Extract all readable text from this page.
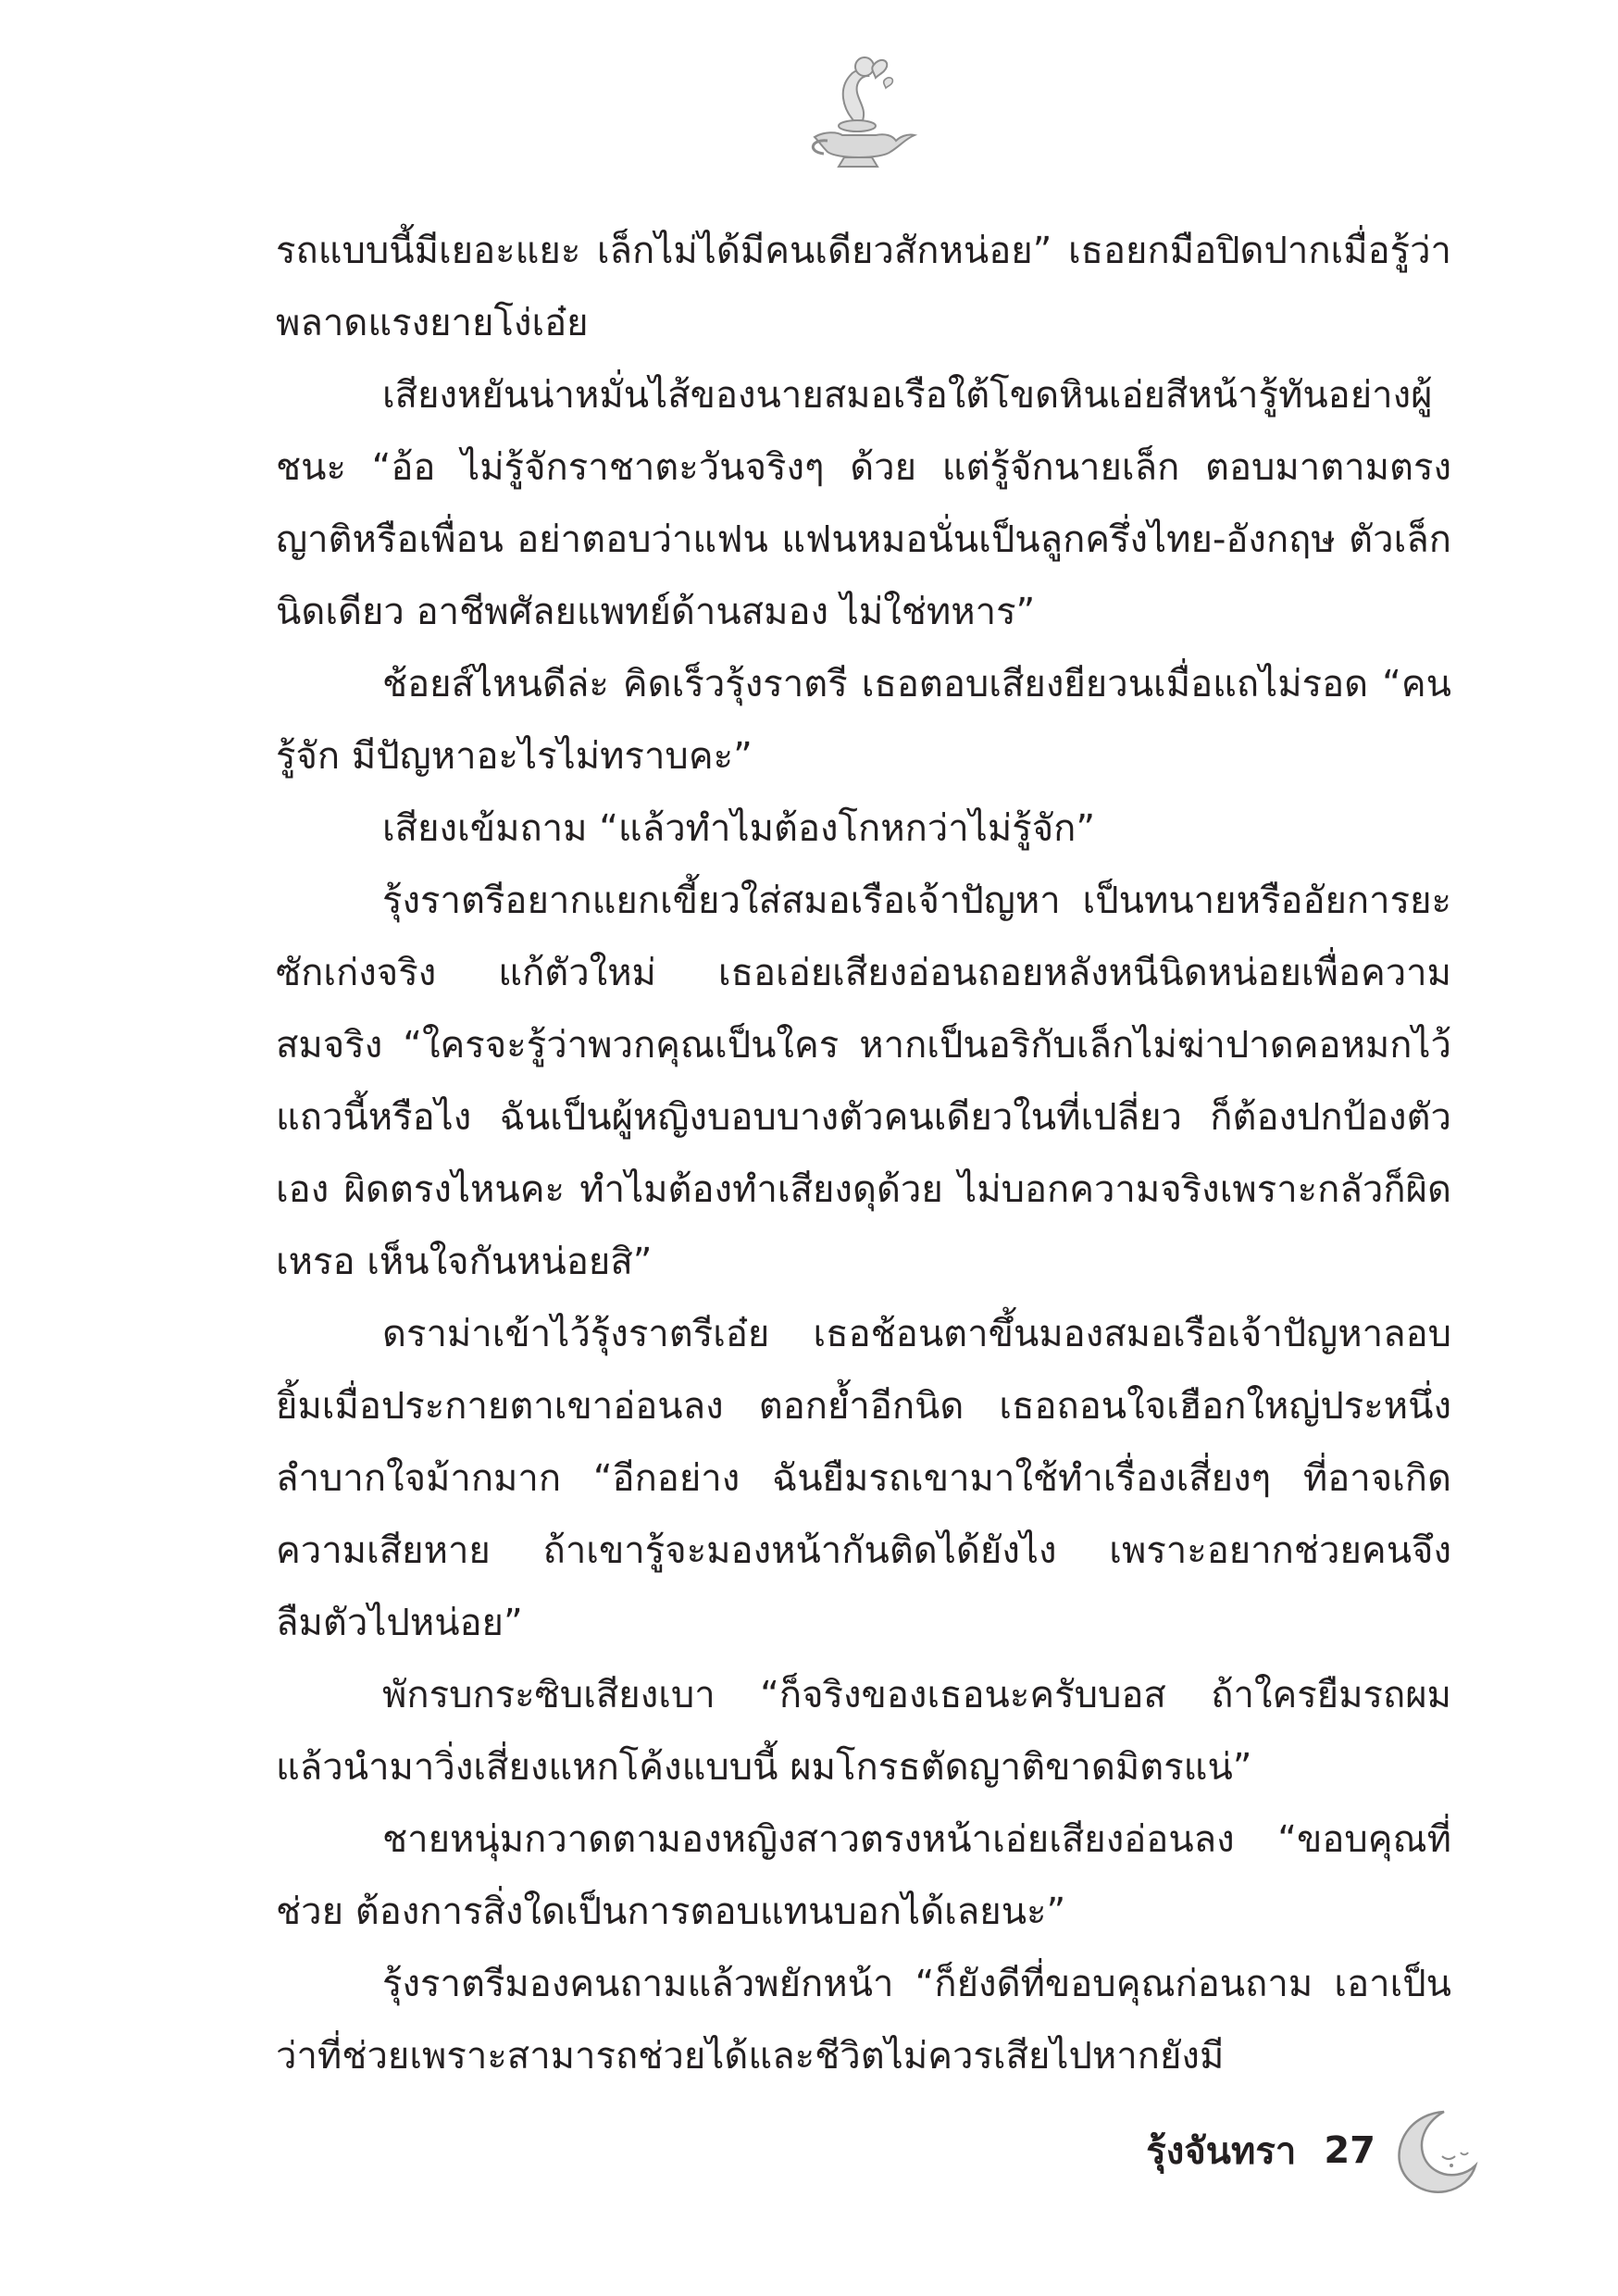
รถแบบนี้มีเยอะแยะ เล็กไม่ได้มีคนเดียวสักหน่อย” เธอยกมือปิดปากเมื่อรู้ว่าพลาดแรงยายโง่เอ๋ย

เสียงหยันน่าหมั่นไส้ของนายสมอเรือใต้โขดหินเอ่ยสีหน้ารู้ทันอย่างผู้ชนะ “อ้อ ไม่รู้จักราชาตะวันจริงๆ ด้วย แต่รู้จักนายเล็ก ตอบมาตามตรง ญาติหรือเพื่อน อย่าตอบว่าแฟน แฟนหมอนั่นเป็นลูกครึ่งไทย-อังกฤษ ตัวเล็กนิดเดียว อาชีพศัลยแพทย์ด้านสมอง ไม่ใช่ทหาร”

ช้อยส์ไหนดีล่ะ คิดเร็วรุ้งราตรี เธอตอบเสียงยียวนเมื่อแถไม่รอด “คนรู้จัก มีปัญหาอะไรไม่ทราบคะ”

เสียงเข้มถาม “แล้วทำไมต้องโกหกว่าไม่รู้จัก”

รุ้งราตรีอยากแยกเขี้ยวใส่สมอเรือเจ้าปัญหา เป็นทนายหรืออัยการยะซักเก่งจริง แก้ตัวใหม่ เธอเอ่ยเสียงอ่อนถอยหลังหนีนิดหน่อยเพื่อความสมจริง “ใครจะรู้ว่าพวกคุณเป็นใคร หากเป็นอริกับเล็กไม่ฆ่าปาดคอหมกไว้แถวนี้หรือไง ฉันเป็นผู้หญิงบอบบางตัวคนเดียวในที่เปลี่ยว ก็ต้องปกป้องตัวเอง ผิดตรงไหนคะ ทำไมต้องทำเสียงดุด้วย ไม่บอกความจริงเพราะกลัวก็ผิดเหรอ เห็นใจกันหน่อยสิ”

ดราม่าเข้าไว้รุ้งราตรีเอ๋ย เธอช้อนตาขึ้นมองสมอเรือเจ้าปัญหาลอบยิ้มเมื่อประกายตาเขาอ่อนลง ตอกย้ำอีกนิด เธอถอนใจเฮือกใหญ่ประหนึ่งลำบากใจม้ากมาก “อีกอย่าง ฉันยืมรถเขามาใช้ทำเรื่องเสี่ยงๆ ที่อาจเกิดความเสียหาย ถ้าเขารู้จะมองหน้ากันติดได้ยังไง เพราะอยากช่วยคนจึงลืมตัวไปหน่อย”

พักรบกระซิบเสียงเบา “ก็จริงของเธอนะครับบอส ถ้าใครยืมรถผมแล้วนำมาวิ่งเสี่ยงแหกโค้งแบบนี้ ผมโกรธตัดญาติขาดมิตรแน่”

ชายหนุ่มกวาดตามองหญิงสาวตรงหน้าเอ่ยเสียงอ่อนลง “ขอบคุณที่ช่วย ต้องการสิ่งใดเป็นการตอบแทนบอกได้เลยนะ”

รุ้งราตรีมองคนถามแล้วพยักหน้า “ก็ยังดีที่ขอบคุณก่อนถาม เอาเป็นว่าที่ช่วยเพราะสามารถช่วยได้และชีวิตไม่ควรเสียไปหากยังมี

รุ้งจันทรา 27
